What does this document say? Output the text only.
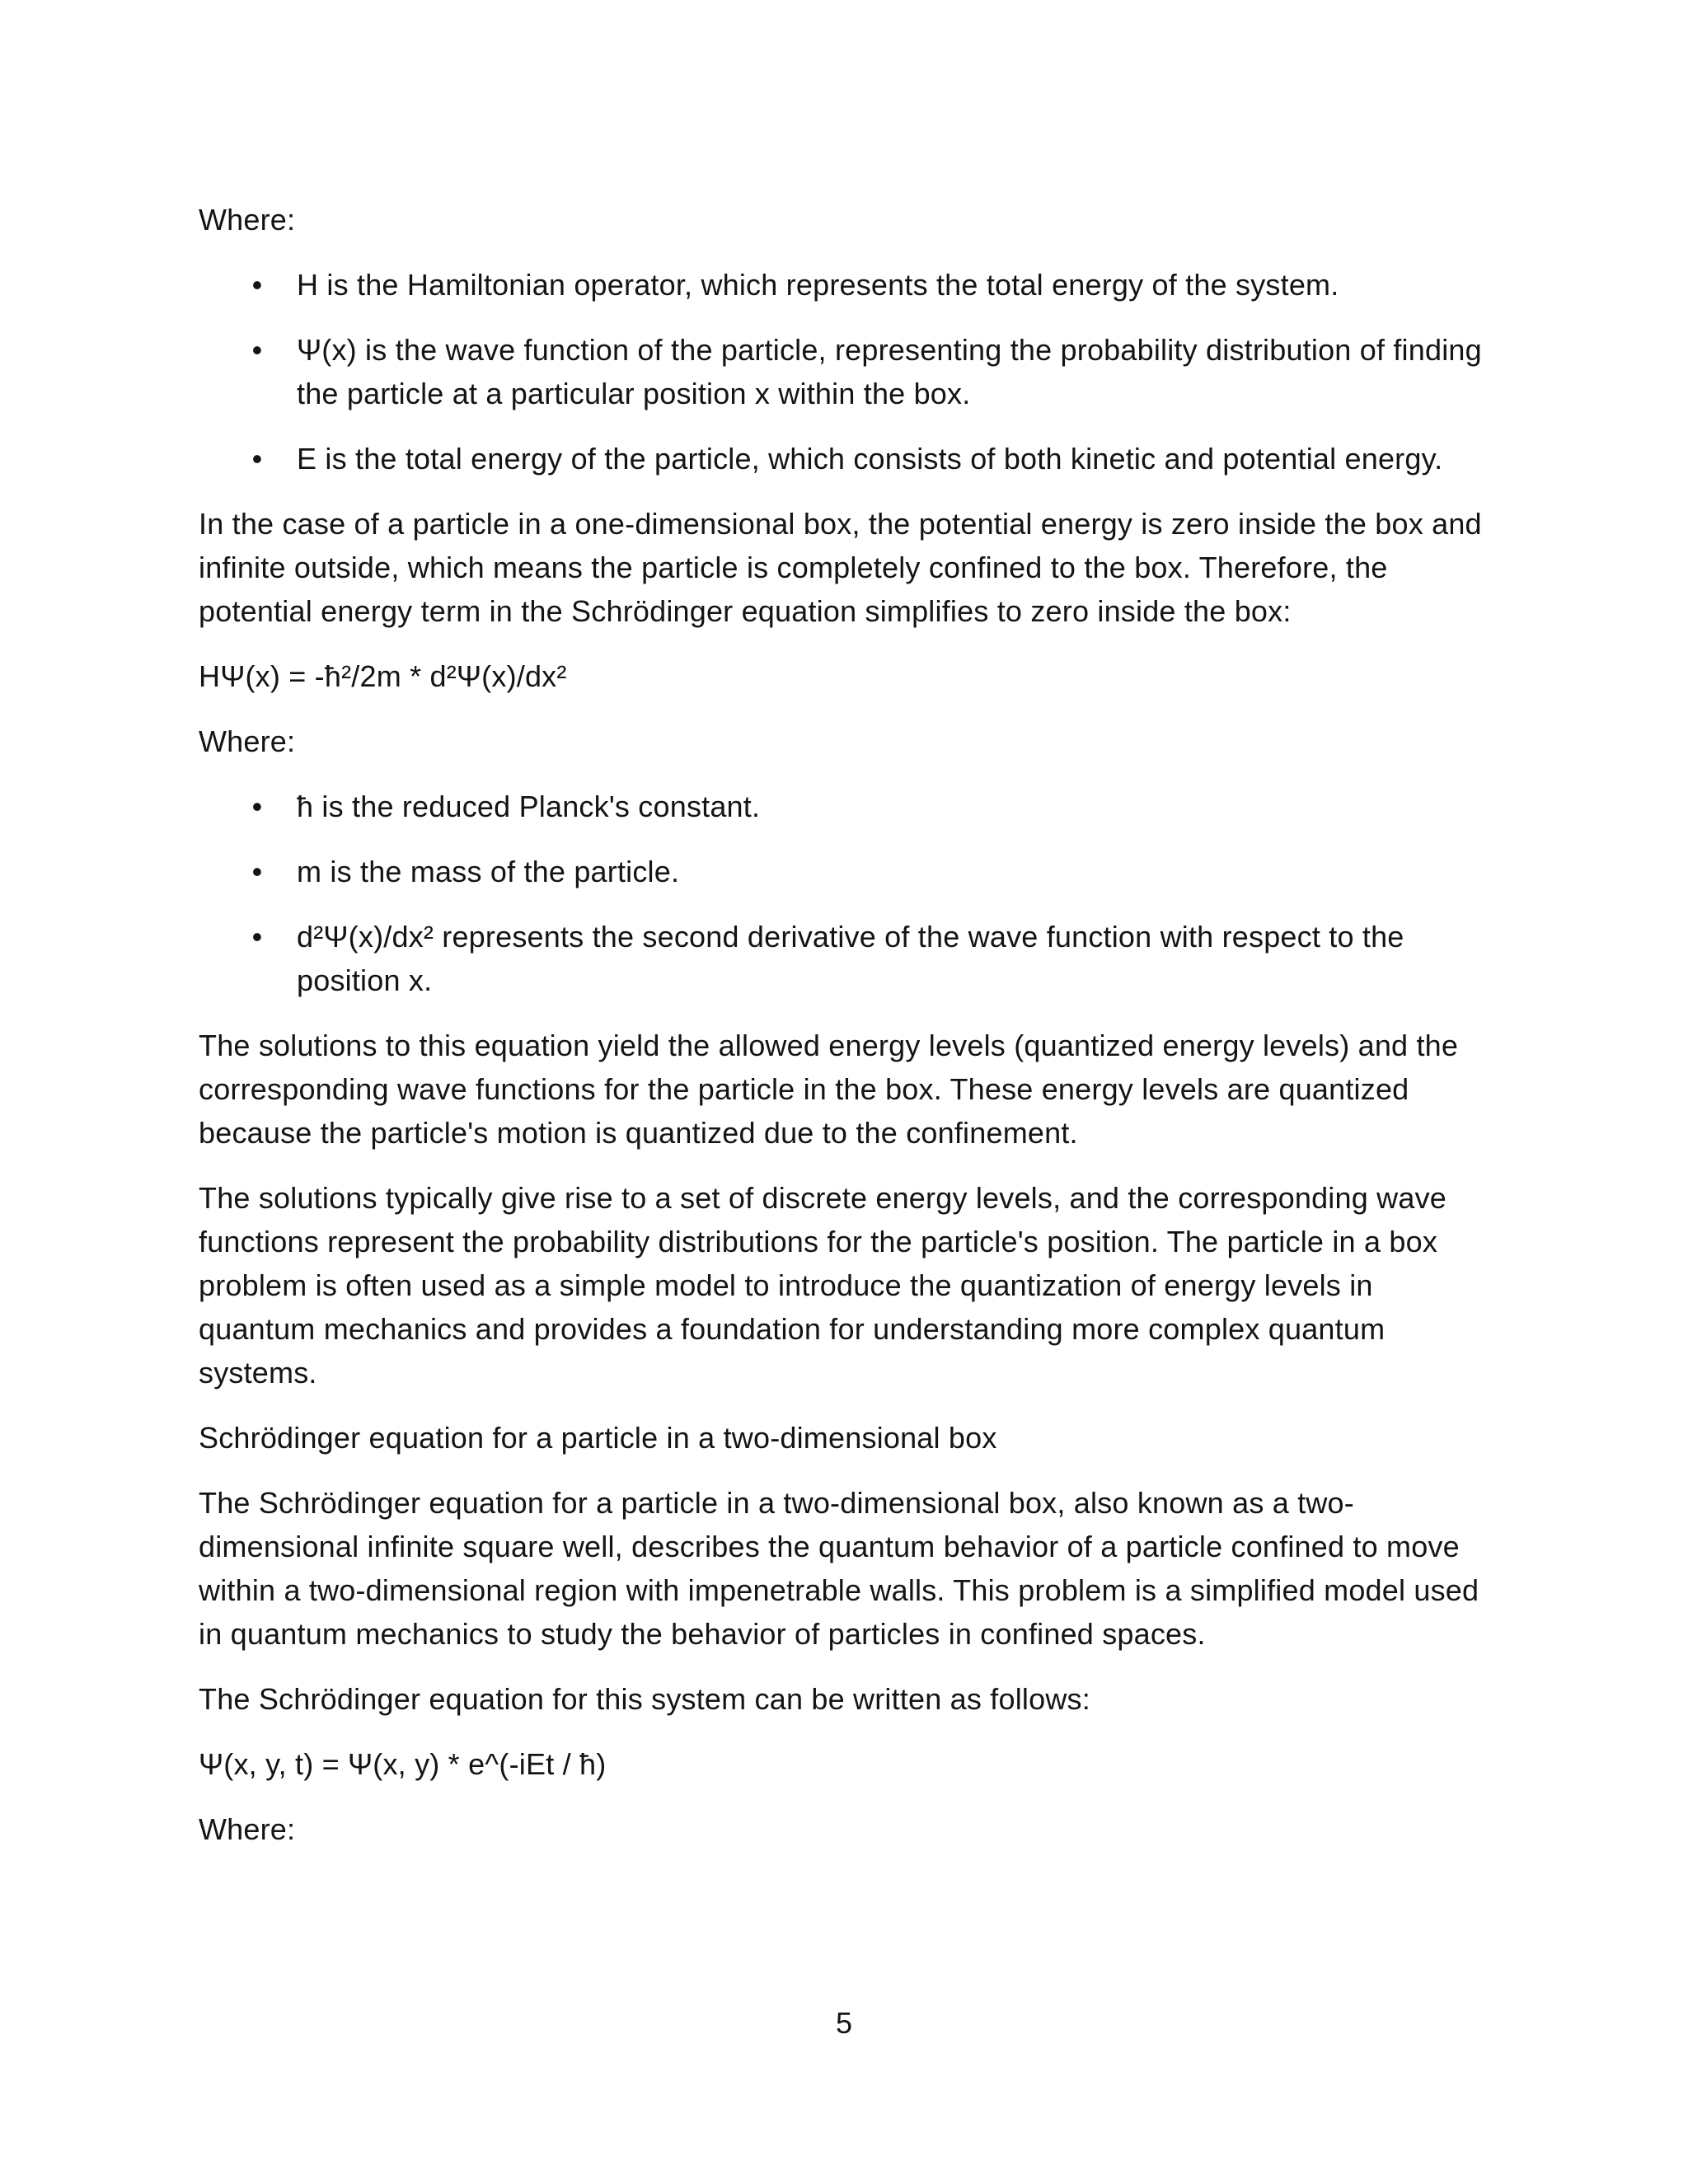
Where:

• H is the Hamiltonian operator, which represents the total energy of the system.
• Ψ(x) is the wave function of the particle, representing the probability distribution of finding the particle at a particular position x within the box.
• E is the total energy of the particle, which consists of both kinetic and potential energy.

In the case of a particle in a one-dimensional box, the potential energy is zero inside the box and infinite outside, which means the particle is completely confined to the box. Therefore, the potential energy term in the Schrödinger equation simplifies to zero inside the box:

HΨ(x) = -ħ²/2m * d²Ψ(x)/dx²

Where:

• ħ is the reduced Planck's constant.
• m is the mass of the particle.
• d²Ψ(x)/dx² represents the second derivative of the wave function with respect to the position x.

The solutions to this equation yield the allowed energy levels (quantized energy levels) and the corresponding wave functions for the particle in the box. These energy levels are quantized because the particle's motion is quantized due to the confinement.

The solutions typically give rise to a set of discrete energy levels, and the corresponding wave functions represent the probability distributions for the particle's position. The particle in a box problem is often used as a simple model to introduce the quantization of energy levels in quantum mechanics and provides a foundation for understanding more complex quantum systems.

Schrödinger equation for a particle in a two-dimensional box

The Schrödinger equation for a particle in a two-dimensional box, also known as a two-dimensional infinite square well, describes the quantum behavior of a particle confined to move within a two-dimensional region with impenetrable walls. This problem is a simplified model used in quantum mechanics to study the behavior of particles in confined spaces.

The Schrödinger equation for this system can be written as follows:

Ψ(x, y, t) = Ψ(x, y) * e^(-iEt / ħ)

Where:

5
